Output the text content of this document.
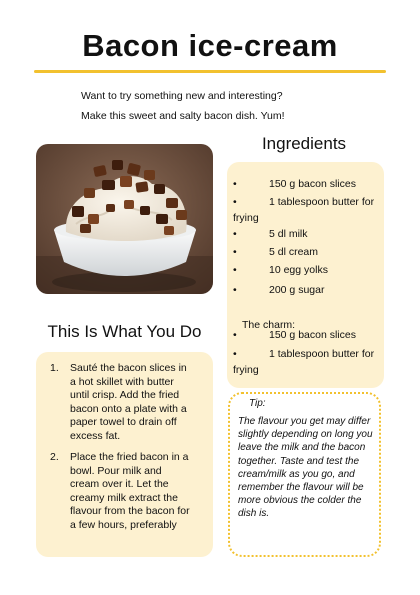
Bacon ice-cream
Want to try something new and interesting?
Make this sweet and salty bacon dish. Yum!
Ingredients
•	150 g bacon slices
•	1 tablespoon butter for frying
•	5 dl milk
•	5 dl cream
•	10 egg yolks
•	200 g sugar
•	150 g bacon slices
•	1 tablespoon butter for frying
The charm:
This Is What You Do
1. Sauté the bacon slices in a hot skillet with butter until crisp. Add the fried bacon onto a plate with a paper towel to drain off excess fat.
2. Place the fried bacon in a bowl. Pour milk and cream over it. Let the creamy milk extract the flavour from the bacon for a few hours, preferably
Tip:
The flavour you get may differ slightly depending on long you leave the milk and the bacon together. Taste and test the cream/milk as you go, and remember the flavour will be more obvious the colder the dish is.
